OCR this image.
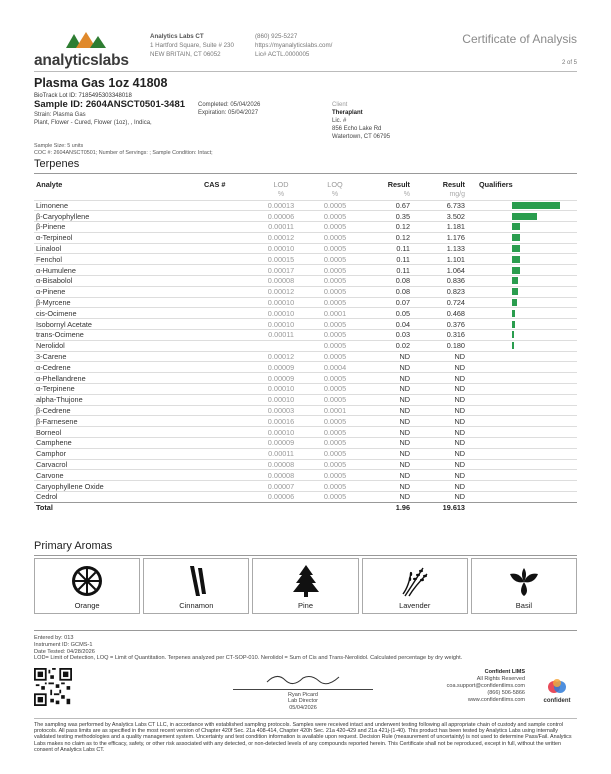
analyticslabs
Analytics Labs CT
1 Hartford Square, Suite # 230
NEW BRITAIN, CT 06052
(860) 925-5227
https://myanalyticslabs.com/
Lic# ACTL.0000005
Certificate of Analysis
2 of 5
Plasma Gas 1oz 41808
BioTrack Lot ID: 7185495303348018
Sample ID: 2604ANSCT0501-3481
Strain: Plasma Gas
Plant, Flower - Cured, Flower (1oz), , Indica,
Completed: 05/04/2026
Expiration: 05/04/2027
Client
Theraplant
Lic. #
856 Echo Lake Rd
Watertown, CT 06795
Sample Size: 5 units
COC #: 2604ANSCT0501; Number of Servings: ; Sample Condition: Intact;
Terpenes
Analyte	CAS #	LOD	LOQ	Result	Result	Qualifiers
		%	%	%	mg/g	
Limonene		0.00013	0.0005	0.67	6.733	

β-Caryophyllene		0.00006	0.0005	0.35	3.502	

β-Pinene		0.00011	0.0005	0.12	1.181	

α-Terpineol		0.00012	0.0005	0.12	1.176	

Linalool		0.00010	0.0005	0.11	1.133	

Fenchol		0.00015	0.0005	0.11	1.101	

α-Humulene		0.00017	0.0005	0.11	1.064	

α-Bisabolol		0.00008	0.0005	0.08	0.836	

α-Pinene		0.00012	0.0005	0.08	0.823	

β-Myrcene		0.00010	0.0005	0.07	0.724	

cis-Ocimene		0.00010	0.0001	0.05	0.468	

Isobornyl Acetate		0.00010	0.0005	0.04	0.376	

trans-Ocimene		0.00011	0.0005	0.03	0.316	

Nerolidol			0.0005	0.02	0.180	

3-Carene		0.00012	0.0005	ND	ND	
α-Cedrene		0.00009	0.0004	ND	ND	
α-Phellandrene		0.00009	0.0005	ND	ND	
α-Terpinene		0.00010	0.0005	ND	ND	
alpha-Thujone		0.00010	0.0005	ND	ND	
β-Cedrene		0.00003	0.0001	ND	ND	
β-Farnesene		0.00016	0.0005	ND	ND	
Borneol		0.00010	0.0005	ND	ND	
Camphene		0.00009	0.0005	ND	ND	
Camphor		0.00011	0.0005	ND	ND	
Carvacrol		0.00008	0.0005	ND	ND	
Carvone		0.00008	0.0005	ND	ND	
Caryophyllene Oxide		0.00007	0.0005	ND	ND	
Cedrol		0.00006	0.0005	ND	ND	
Total				1.96	19.613	
Primary Aromas
Orange	Cinnamon	Pine	Lavender	Basil
Entered by: 013
Instrument ID: GCMS-1
Date Tested: 04/28/2026
LOD= Limit of Detection, LOQ = Limit of Quantitation. Terpenes analyzed per CT-SOP-010. Nerolidol = Sum of Cis and Trans-Nerolidol. Calculated percentage by dry weight.
Ryan Picard
Lab Director
05/04/2026
Confident LIMS
All Rights Reserved
coa.support@confidentlims.com
(866) 506-5866
www.confidentlims.com	confident
The sampling was performed by Analytics Labs CT LLC, in accordance with established sampling protocols. Samples were received intact and underwent testing following all appropriate chain of custody and sample control protocols. All pass limits are as specified in the most recent version of Chapter 420f Sec. 21a 408-414, Chapter 420h Sec. 21a 420-429 and 21a 421j-(1-40). This product has been tested by Analytics Labs using internally validated testing methodologies and a quality management system. Uncertainty and test condition information is available upon request. Decision Rule (measurement of uncertainty) is not used to determine Pass/Fail. Analytics Labs makes no claim as to the efficacy, safety, or other risk associated with any detected, or non-detected levels of any compounds reported herein. This Certificate shall not be reproduced, except in full, without the written consent of Analytics Labs CT.
